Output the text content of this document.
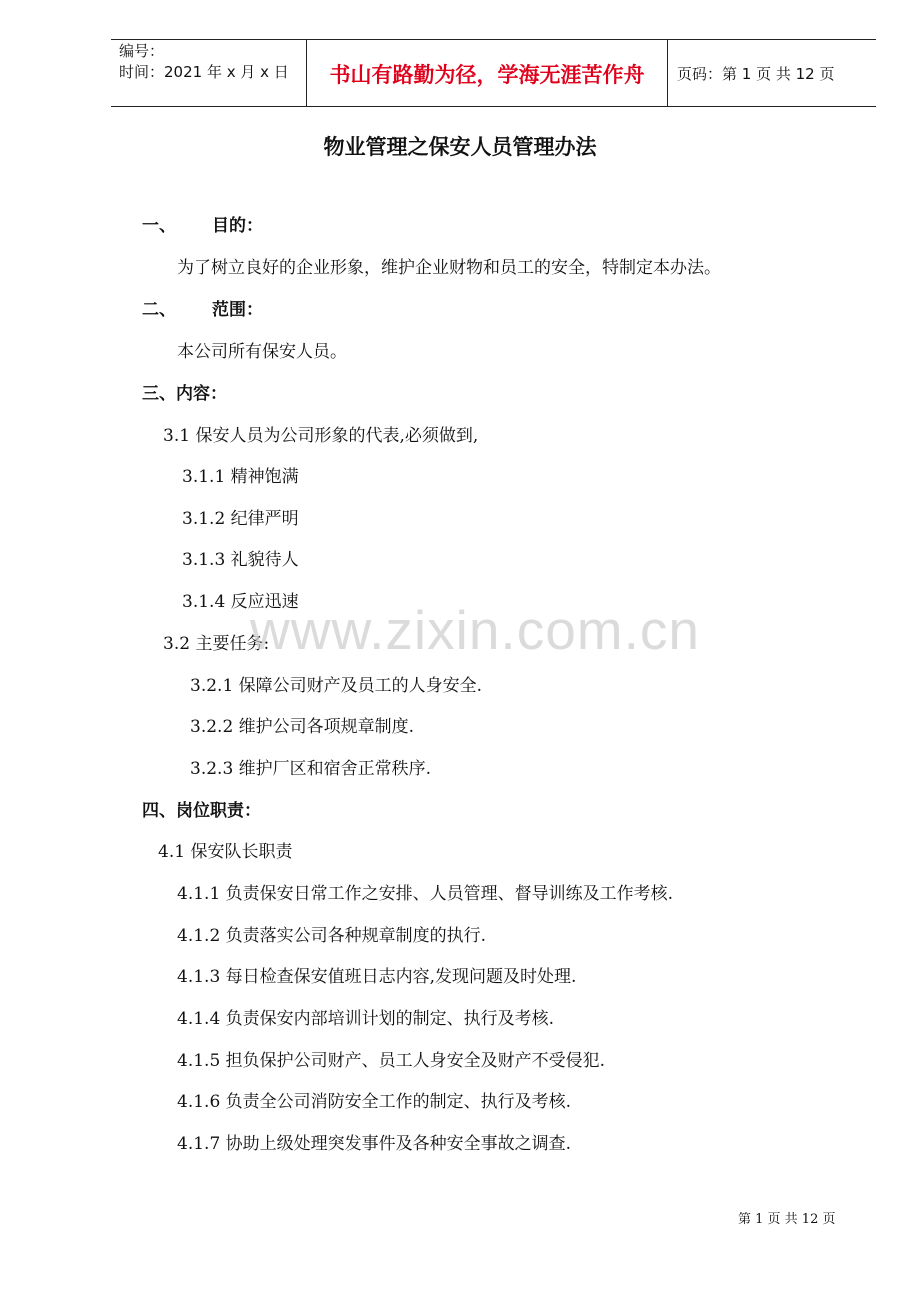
编号：
时间：2021 年 x 月 x 日	书山有路勤为径，学海无涯苦作舟	页码：第 1 页 共 12 页
物业管理之保安人员管理办法
一、 目的：
为了树立良好的企业形象，维护企业财物和员工的安全，特制定本办法。
二、 范围：
本公司所有保安人员。
三、内容：
3.1 保安人员为公司形象的代表,必须做到,
3.1.1 精神饱满
3.1.2 纪律严明
3.1.3 礼貌待人
3.1.4 反应迅速
3.2 主要任务:
3.2.1 保障公司财产及员工的人身安全.
3.2.2 维护公司各项规章制度.
3.2.3 维护厂区和宿舍正常秩序.
四、岗位职责：
4.1 保安队长职责
4.1.1 负责保安日常工作之安排、人员管理、督导训练及工作考核.
4.1.2 负责落实公司各种规章制度的执行.
4.1.3 每日检查保安值班日志内容,发现问题及时处理.
4.1.4 负责保安内部培训计划的制定、执行及考核.
4.1.5 担负保护公司财产、员工人身安全及财产不受侵犯.
4.1.6 负责全公司消防安全工作的制定、执行及考核.
4.1.7 协助上级处理突发事件及各种安全事故之调查.
www.zixin.com.cn
第 1 页 共 12 页
